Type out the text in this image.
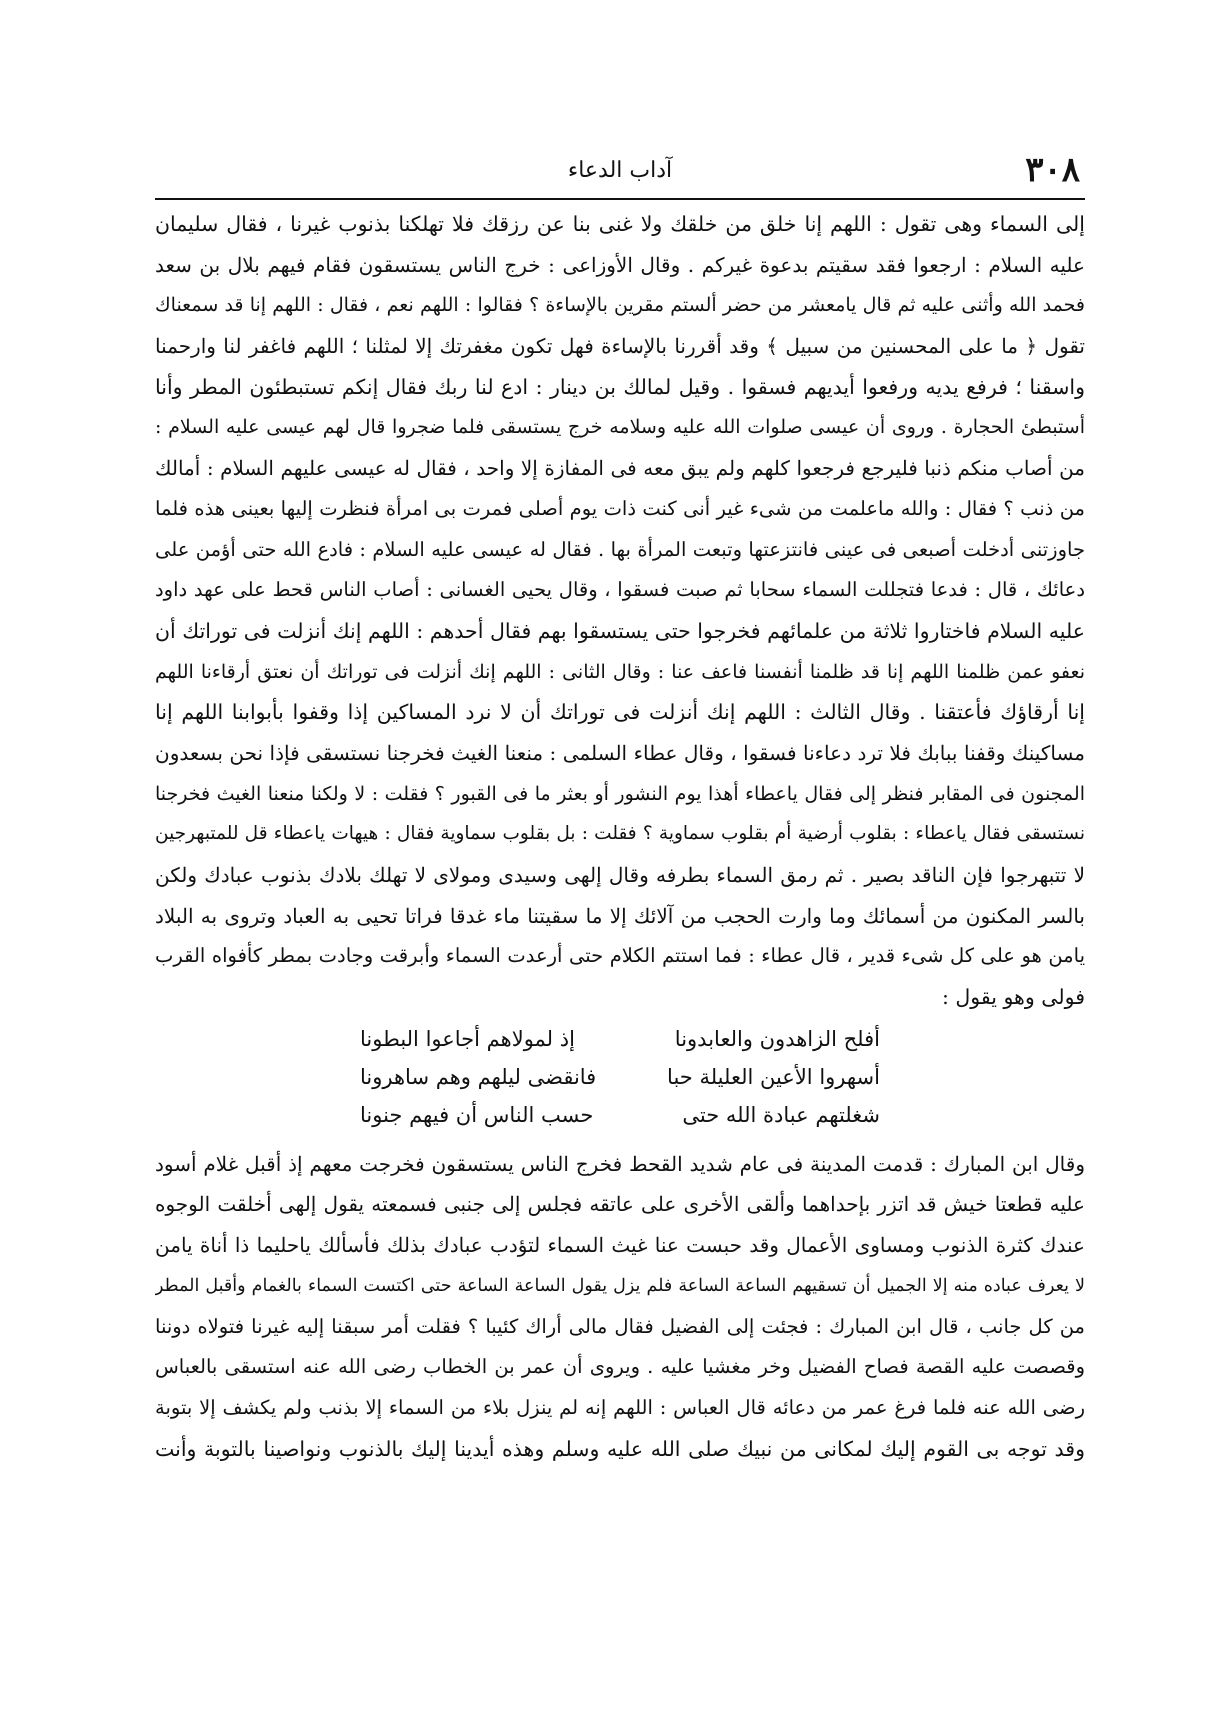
٣٠٨
آداب الدعاء
إلى السماء وهى تقول : اللهم إنا خلق من خلقك ولا غنى بنا عن رزقك فلا تهلكنا بذنوب غيرنا ، فقال سليمان
عليه السلام : ارجعوا فقد سقيتم بدعوة غيركم . وقال الأوزاعى : خرج الناس يستسقون فقام فيهم بلال بن سعد
فحمد الله وأثنى عليه ثم قال يامعشر من حضر ألستم مقرين بالإساءة ؟ فقالوا : اللهم نعم ، فقال : اللهم إنا قد سمعناك
تقول ﴿ ما على المحسنين من سبيل ﴾ وقد أقررنا بالإساءة فهل تكون مغفرتك إلا لمثلنا ؛ اللهم فاغفر لنا وارحمنا
واسقنا ؛ فرفع يديه ورفعوا أيديهم فسقوا . وقيل لمالك بن دينار : ادع لنا ربك فقال إنكم تستبطئون المطر وأنا
أستبطئ الحجارة . وروى أن عيسى صلوات الله عليه وسلامه خرج يستسقى فلما ضجروا قال لهم عيسى عليه السلام :
من أصاب منكم ذنبا فليرجع فرجعوا كلهم ولم يبق معه فى المفازة إلا واحد ، فقال له عيسى عليهم السلام : أمالك
من ذنب ؟ فقال : والله ماعلمت من شىء غير أنى كنت ذات يوم أصلى فمرت بى امرأة فنظرت إليها بعينى هذه فلما
جاوزتنى أدخلت أصبعى فى عينى فانتزعتها وتبعت المرأة بها . فقال له عيسى عليه السلام : فادع الله حتى أؤمن على
دعائك ، قال : فدعا فتجللت السماء سحابا ثم صبت فسقوا ، وقال يحيى الغسانى : أصاب الناس قحط على عهد داود
عليه السلام فاختاروا ثلاثة من علمائهم فخرجوا حتى يستسقوا بهم فقال أحدهم : اللهم إنك أنزلت فى توراتك أن
نعفو عمن ظلمنا اللهم إنا قد ظلمنا أنفسنا فاعف عنا : وقال الثانى : اللهم إنك أنزلت فى توراتك أن نعتق أرقاءنا اللهم
إنا أرقاؤك فأعتقنا . وقال الثالث : اللهم إنك أنزلت فى توراتك أن لا نرد المساكين إذا وقفوا بأبوابنا اللهم إنا
مساكينك وقفنا ببابك فلا ترد دعاءنا فسقوا ، وقال عطاء السلمى : منعنا الغيث فخرجنا نستسقى فإذا نحن بسعدون
المجنون فى المقابر فنظر إلى فقال ياعطاء أهذا يوم النشور أو بعثر ما فى القبور ؟ فقلت : لا ولكنا منعنا الغيث فخرجنا
نستسقى فقال ياعطاء : بقلوب أرضية أم بقلوب سماوية ؟ فقلت : بل بقلوب سماوية فقال : هيهات ياعطاء قل للمتبهرجين
لا تتبهرجوا فإن الناقد بصير . ثم رمق السماء بطرفه وقال إلهى وسيدى ومولاى لا تهلك بلادك بذنوب عبادك ولكن
بالسر المكنون من أسمائك وما وارت الحجب من آلائك إلا ما سقيتنا ماء غدقا فراتا تحيى به العباد وتروى به البلاد
يامن هو على كل شىء قدير ، قال عطاء : فما استتم الكلام حتى أرعدت السماء وأبرقت وجادت بمطر كأفواه القرب
فولى وهو يقول :
أفلح الزاهدون والعابدونا
إذ لمولاهم أجاعوا البطونا
أسهروا الأعين العليلة حبا
فانقضى ليلهم وهم ساهرونا
شغلتهم عبادة الله حتى
حسب الناس أن فيهم جنونا
وقال ابن المبارك : قدمت المدينة فى عام شديد القحط فخرج الناس يستسقون فخرجت معهم إذ أقبل غلام أسود
عليه قطعتا خيش قد اتزر بإحداهما وألقى الأخرى على عاتقه فجلس إلى جنبى فسمعته يقول إلهى أخلقت الوجوه
عندك كثرة الذنوب ومساوى الأعمال وقد حبست عنا غيث السماء لتؤدب عبادك بذلك فأسألك ياحليما ذا أناة يامن
لا يعرف عباده منه إلا الجميل أن تسقيهم الساعة الساعة فلم يزل يقول الساعة الساعة حتى اكتست السماء بالغمام وأقبل المطر
من كل جانب ، قال ابن المبارك : فجئت إلى الفضيل فقال مالى أراك كئيبا ؟ فقلت أمر سبقنا إليه غيرنا فتولاه دوننا
وقصصت عليه القصة فصاح الفضيل وخر مغشيا عليه . ويروى أن عمر بن الخطاب رضى الله عنه استسقى بالعباس
رضى الله عنه فلما فرغ عمر من دعائه قال العباس : اللهم إنه لم ينزل بلاء من السماء إلا بذنب ولم يكشف إلا بتوبة
وقد توجه بى القوم إليك لمكانى من نبيك صلى الله عليه وسلم وهذه أيدينا إليك بالذنوب ونواصينا بالتوبة وأنت
